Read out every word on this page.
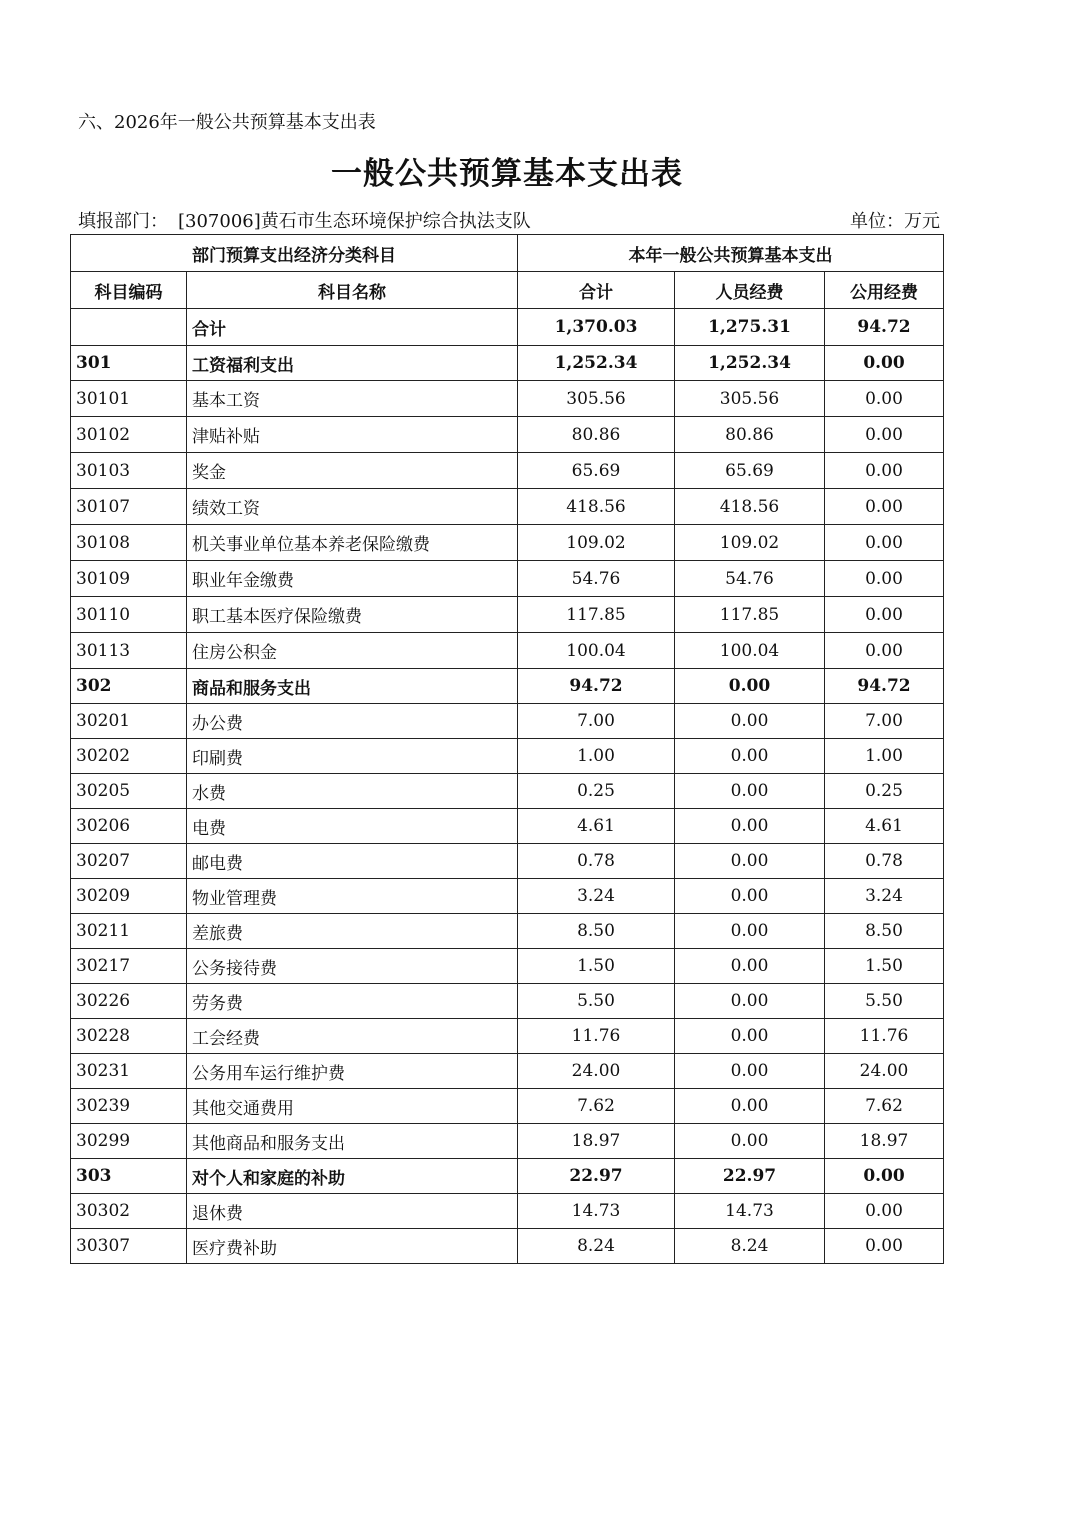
六、2026年一般公共预算基本支出表
一般公共预算基本支出表
填报部门： [307006]黄石市生态环境保护综合执法支队	单位：万元
部门预算支出经济分类科目		本年一般公共预算基本支出		
科目编码	科目名称	合计	人员经费	公用经费
	合计	1,370.03	1,275.31	94.72
301	工资福利支出	1,252.34	1,252.34	0.00
30101	基本工资	305.56	305.56	0.00
30102	津贴补贴	80.86	80.86	0.00
30103	奖金	65.69	65.69	0.00
30107	绩效工资	418.56	418.56	0.00
30108	机关事业单位基本养老保险缴费	109.02	109.02	0.00
30109	职业年金缴费	54.76	54.76	0.00
30110	职工基本医疗保险缴费	117.85	117.85	0.00
30113	住房公积金	100.04	100.04	0.00
302	商品和服务支出	94.72	0.00	94.72
30201	办公费	7.00	0.00	7.00
30202	印刷费	1.00	0.00	1.00
30205	水费	0.25	0.00	0.25
30206	电费	4.61	0.00	4.61
30207	邮电费	0.78	0.00	0.78
30209	物业管理费	3.24	0.00	3.24
30211	差旅费	8.50	0.00	8.50
30217	公务接待费	1.50	0.00	1.50
30226	劳务费	5.50	0.00	5.50
30228	工会经费	11.76	0.00	11.76
30231	公务用车运行维护费	24.00	0.00	24.00
30239	其他交通费用	7.62	0.00	7.62
30299	其他商品和服务支出	18.97	0.00	18.97
303	对个人和家庭的补助	22.97	22.97	0.00
30302	退休费	14.73	14.73	0.00
30307	医疗费补助	8.24	8.24	0.00
